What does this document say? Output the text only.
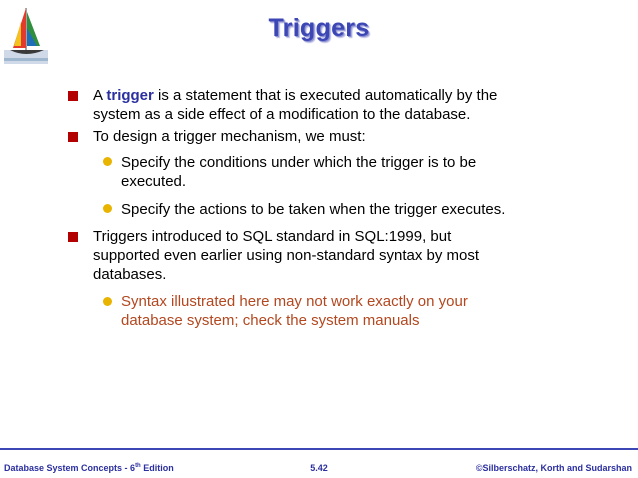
Triggers
A trigger is a statement that is executed automatically by the
system as a side effect of a modification to the database.
To design a trigger mechanism, we must:
Specify the conditions under which the trigger is to be
executed.
Specify the actions to be taken when the trigger executes.
Triggers introduced to SQL standard in SQL:1999, but
supported even earlier using non-standard syntax by most
databases.
Syntax illustrated here may not work exactly on your
database system; check the system manuals
Database System Concepts - 6th Edition	5.42	©Silberschatz, Korth and Sudarshan
